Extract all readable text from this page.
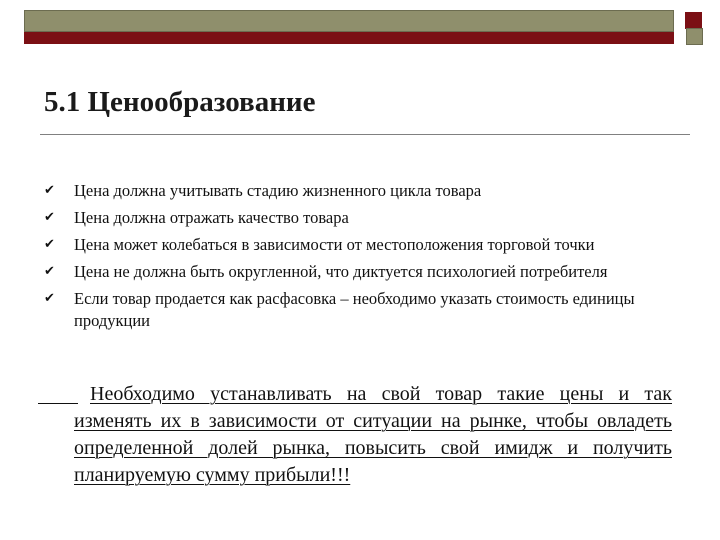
5.1 Ценообразование
✔ Цена должна учитывать стадию жизненного цикла товара
✔ Цена должна отражать качество товара
✔ Цена может колебаться в зависимости от местоположения торговой точки
✔ Цена не должна быть округленной, что диктуется психологией потребителя
✔ Если товар продается как расфасовка – необходимо указать стоимость единицы продукции
Необходимо устанавливать на свой товар такие цены и так изменять их в зависимости от ситуации на рынке, чтобы овладеть определенной долей рынка, повысить свой имидж и получить планируемую сумму прибыли!!!
